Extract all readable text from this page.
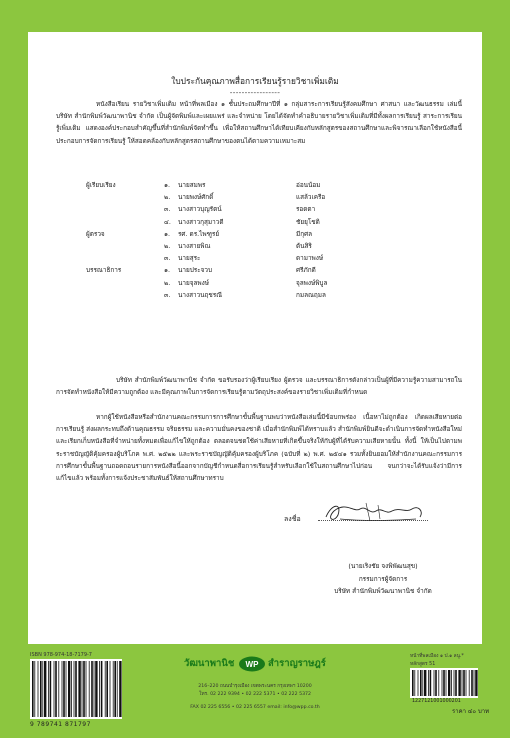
ใบประกันคุณภาพสื่อการเรียนรู้รายวิชาเพิ่มเติม
-----------------
หนังสือเรียน รายวิชาเพิ่มเติม หน้าที่พลเมือง ๑ ชั้นประถมศึกษาปีที่ ๑ กลุ่มสาระการเรียนรู้สังคมศึกษา ศาสนา และวัฒนธรรม เล่มนี้ บริษัท สำนักพิมพ์วัฒนาพานิช จำกัด เป็นผู้จัดพิมพ์และเผยแพร่ และจำหน่าย โดยได้จัดทำคำอธิบายรายวิชาเพิ่มเติมที่มีทั้งผลการเรียนรู้ สาระการเรียนรู้เพิ่มเติม แสดงองค์ประกอบสำคัญขึ้นที่สำนักพิมพ์จัดทำขึ้น เพื่อให้สถานศึกษาได้เทียบเคียงกับหลักสูตรของสถานศึกษาและพิจารณาเลือกใช้หนังสือนี้ประกอบการจัดการเรียนรู้ ให้สอดคล้องกับหลักสูตรสถานศึกษาของตนได้ตามความเหมาะสม
ผู้เรียบเรียง	๑. นายสมพร	อ่อนน้อม
๒. นายพงษ์ศักดิ์	แสล้วเครือ
๓. นางสาวบุญรัตน์	รอดตา
๔. นางสาวกุสุมาวดี	ชัยยุโชติ
ผู้ตรวจ	๑. รศ. ดร.ไพฑูรย์	มีกุศล
๒. นางสายพิณ	ต้นสิริ
๓. นายสุระ	ดามาพงษ์
บรรณาธิการ	๑. นายประจวบ	ศรีภักดี
๒. นายจุลพงษ์	จุลพงษ์พิบูล
๓. นางสาวนฤชรณี	กมลณฤมล
บริษัท สำนักพิมพ์วัฒนาพานิช จำกัด ขอรับรองว่าผู้เรียบเรียง ผู้ตรวจ และบรรณาธิการดังกล่าวเป็นผู้ที่มีความรู้ความสามารถในการจัดทำหนังสือให้มีความถูกต้อง และมีคุณภาพในการจัดการเรียนรู้ตามวัตถุประสงค์ของรายวิชาเพิ่มเติมที่กำหนด
หากผู้ใช้หนังสือหรือสำนักงานคณะกรรมการการศึกษาขั้นพื้นฐานพบว่าหนังสือเล่มนี้มีข้อบกพร่อง เนื้อหาไม่ถูกต้อง เกิดผลเสียหายต่อการเรียนรู้ ส่งผลกระทบถึงด้านคุณธรรม จริยธรรม และความมั่นคงของชาติ เมื่อสำนักพิมพ์ได้ทราบแล้ว สำนักพิมพ์ยินดีจะดำเนินการจัดทำหนังสือใหม่และเรียกเก็บหนังสือที่จำหน่ายทั้งหมดเพื่อแก้ไขให้ถูกต้อง ตลอดจนชดใช้ค่าเสียหายที่เกิดขึ้นจริงให้กับผู้ที่ได้รับความเสียหายนั้น ทั้งนี้ ให้เป็นไปตามพระราชบัญญัติคุ้มครองผู้บริโภค พ.ศ. ๒๕๒๒ และพระราชบัญญัติคุ้มครองผู้บริโภค (ฉบับที่ ๒) พ.ศ. ๒๕๔๑ รวมทั้งยินยอมให้สำนักงานคณะกรรมการการศึกษาขั้นพื้นฐานถอดถอนรายการหนังสือนี้ออกจากบัญชีกำหนดสื่อการเรียนรู้สำหรับเลือกใช้ในสถานศึกษาไปก่อน จนกว่าจะได้รับแจ้งว่ามีการแก้ไขแล้ว พร้อมทั้งการแจ้งประชาสัมพันธ์ให้สถานศึกษาทราบ
ลงชื่อ
(นายเริงชัย จงพิพัฒนสุข)
กรรมการผู้จัดการ
บริษัท สำนักพิมพ์วัฒนาพานิช จำกัด
ISBN 978-974-18-7179-7
9 789741 871797
วัฒนาพานิช WP สำราญราษฎร์
216–220 ถนนบำรุงเมือง เขตพระนคร กรุงเทพฯ 10200
โทร. 02 222 9394 • 02 222 5371 • 02 222 5372
FAX 02 225 6556 • 02 225 6557 email: info@wpp.co.th
หน้าที่พลเมือง ๑ ป.๑ ลนู.*
หลักสูตร 51
1227121001000201
ราคา ๔๐ บาท
